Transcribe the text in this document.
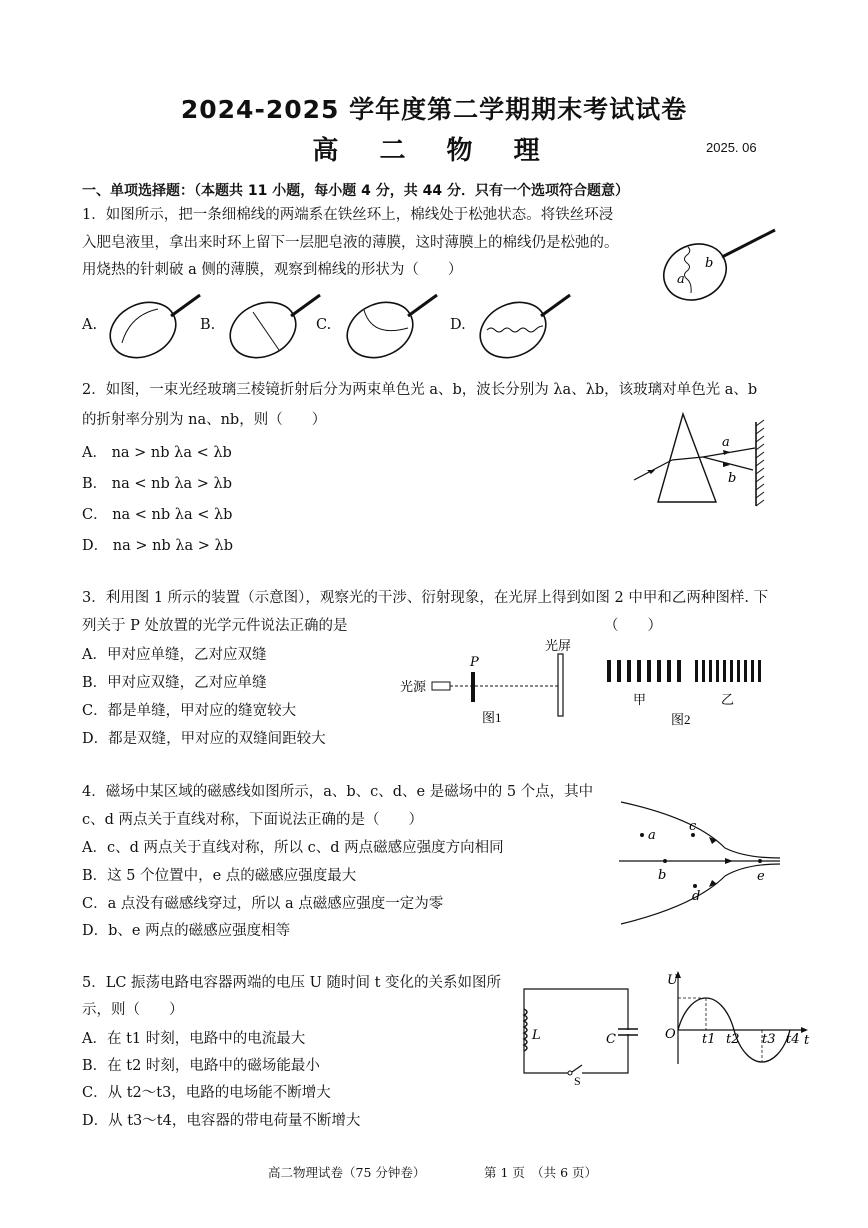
2024-2025 学年度第二学期期末考试试卷
高 二 物 理	2025. 06
一、单项选择题：（本题共 11 小题，每小题 4 分，共 44 分．只有一个选项符合题意）
1．如图所示，把一条细棉线的两端系在铁丝环上，棉线处于松弛状态。将铁丝环浸
入肥皂液里，拿出来时环上留下一层肥皂液的薄膜，这时薄膜上的棉线仍是松弛的。
用烧热的针刺破 a 侧的薄膜，观察到棉线的形状为（　　）
a
b
A.	B.	C.	D.
2．如图，一束光经玻璃三棱镜折射后分为两束单色光 a、b，波长分别为 λa、λb，该玻璃对单色光 a、b
的折射率分别为 na、nb，则（　　）
A． na > nb λa < λb
B． na < nb λa > λb
C． na < nb λa < λb
D． na > nb λa > λb
a
b
3．利用图 1 所示的装置（示意图），观察光的干涉、衍射现象，在光屏上得到如图 2 中甲和乙两种图样. 下
列关于 P 处放置的光学元件说法正确的是	（　　）
A．甲对应单缝，乙对应双缝
B．甲对应双缝，乙对应单缝
C．都是单缝，甲对应的缝宽较大
D．都是双缝，甲对应的双缝间距较大
光源
P
光屏
图1
甲	乙
图2
4．磁场中某区域的磁感线如图所示，a、b、c、d、e 是磁场中的 5 个点，其中
c、d 两点关于直线对称，下面说法正确的是（　　）
A．c、d 两点关于直线对称，所以 c、d 两点磁感应强度方向相同
B．这 5 个位置中，e 点的磁感应强度最大
C．a 点没有磁感线穿过，所以 a 点磁感应强度一定为零
D．b、e 两点的磁感应强度相等
a
b
c
d
e
5．LC 振荡电路电容器两端的电压 U 随时间 t 变化的关系如图所
示，则（　　）
A．在 t1 时刻，电路中的电流最大
B．在 t2 时刻，电路中的磁场能最小
C．从 t2～t3，电路的电场能不断增大
D．从 t3～t4，电容器的带电荷量不断增大
L	C
S
U
O	t
t1 t2 t3 t4
高二物理试卷（75 分钟卷）	第 1 页　（共 6 页）
